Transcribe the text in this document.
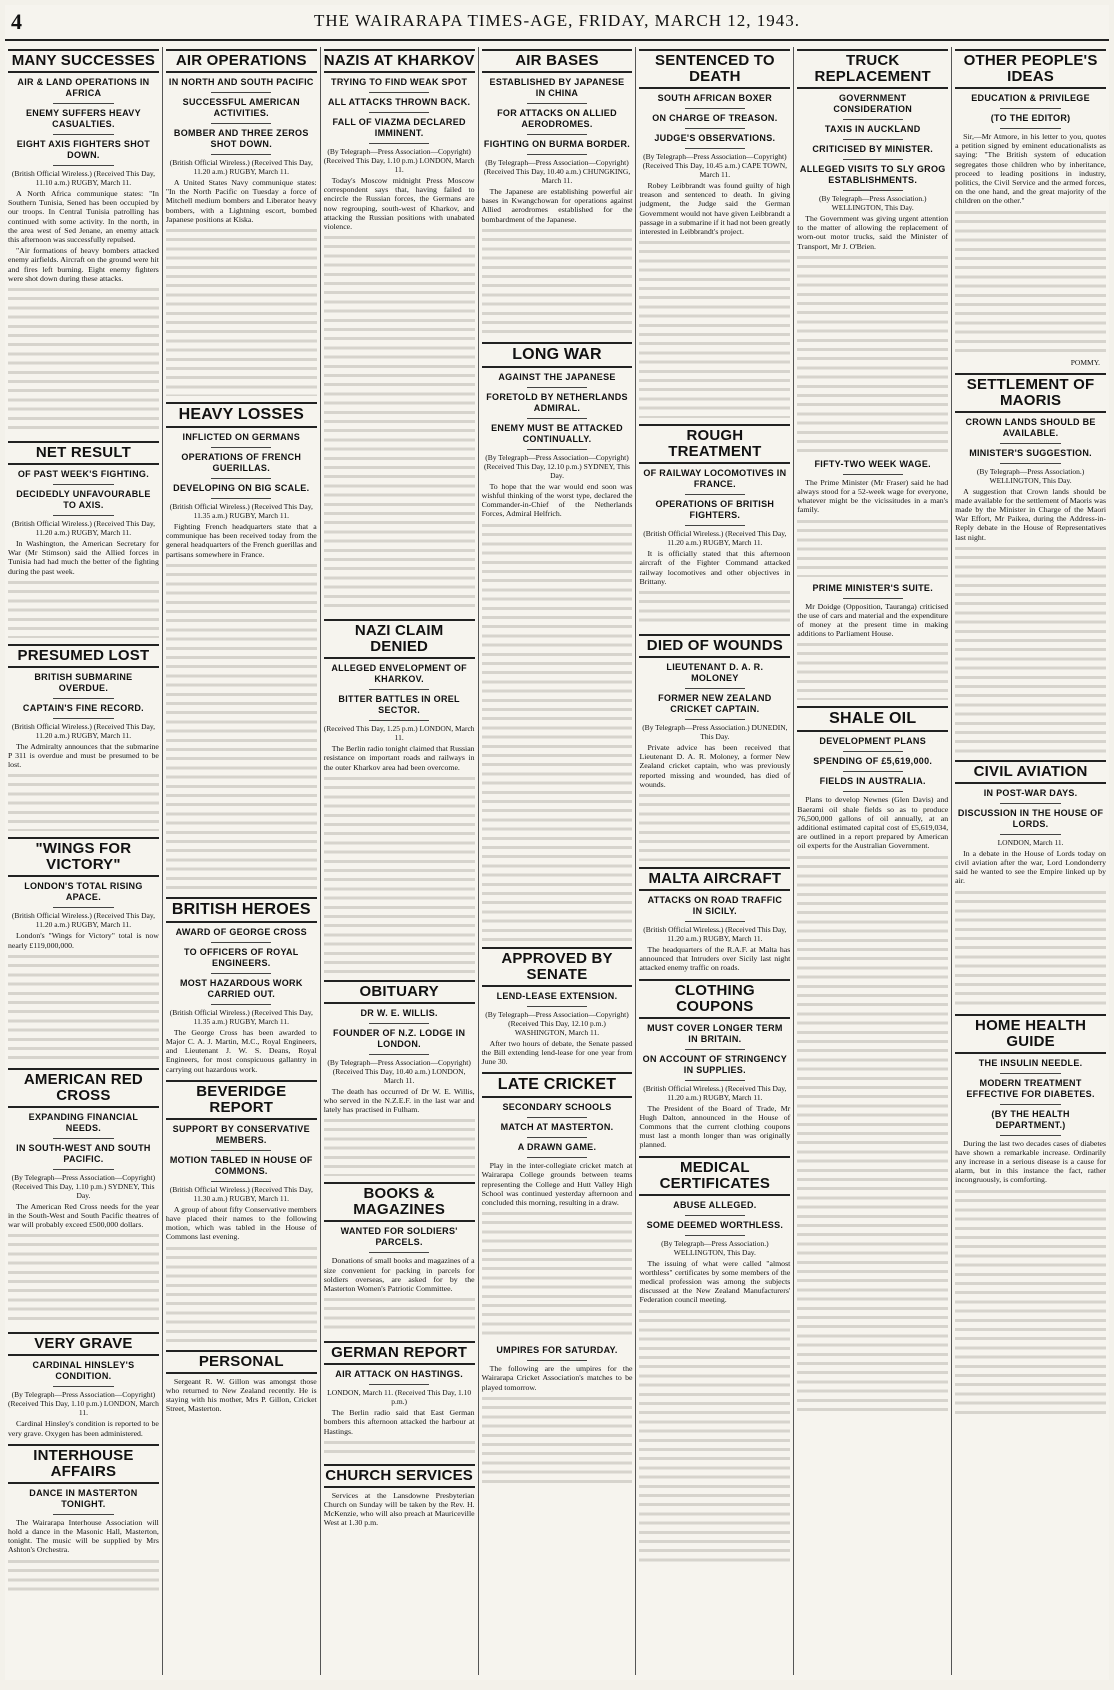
4	THE WAIRARAPA TIMES-AGE, FRIDAY, MARCH 12, 1943.
MANY SUCCESSES
AIR & LAND OPERATIONS IN AFRICA
ENEMY SUFFERS HEAVY CASUALTIES.
EIGHT AXIS FIGHTERS SHOT DOWN.
(British Official Wireless.) (Received This Day, 11.10 a.m.) RUGBY, March 11.

A North Africa communique states: "In Southern Tunisia, Sened has been occupied by our troops. In Central Tunisia patrolling has continued with some activity. In the north, in the area west of Sed Jenane, an enemy attack this afternoon was successfully repulsed.

"Air formations of heavy bombers attacked enemy airfields. Aircraft on the ground were hit and fires left burning. Eight enemy fighters were shot down during these attacks.

NET RESULT
OF PAST WEEK'S FIGHTING.
DECIDEDLY UNFAVOURABLE TO AXIS.
(British Official Wireless.) (Received This Day, 11.20 a.m.) RUGBY, March 11.

In Washington, the American Secretary for War (Mr Stimson) said the Allied forces in Tunisia had had much the better of the fighting during the past week.

PRESUMED LOST
BRITISH SUBMARINE OVERDUE.
CAPTAIN'S FINE RECORD.
(British Official Wireless.) (Received This Day, 11.20 a.m.) RUGBY, March 11.

The Admiralty announces that the submarine P 311 is overdue and must be presumed to be lost.

"WINGS FOR VICTORY"
LONDON'S TOTAL RISING APACE.
(British Official Wireless.) (Received This Day, 11.20 a.m.) RUGBY, March 11.

London's "Wings for Victory" total is now nearly £119,000,000.

AMERICAN RED CROSS
EXPANDING FINANCIAL NEEDS.
IN SOUTH-WEST AND SOUTH PACIFIC.
(By Telegraph—Press Association—Copyright) (Received This Day, 1.10 p.m.) SYDNEY, This Day.

The American Red Cross needs for the year in the South-West and South Pacific theatres of war will probably exceed £500,000 dollars.

VERY GRAVE
CARDINAL HINSLEY'S CONDITION.
(By Telegraph—Press Association—Copyright) (Received This Day, 1.10 p.m.) LONDON, March 11.

Cardinal Hinsley's condition is reported to be very grave. Oxygen has been administered.

INTERHOUSE AFFAIRS
DANCE IN MASTERTON TONIGHT.

The Wairarapa Interhouse Association will hold a dance in the Masonic Hall, Masterton, tonight. The music will be supplied by Mrs Ashton's Orchestra.

AIR OPERATIONS
IN NORTH AND SOUTH PACIFIC
SUCCESSFUL AMERICAN ACTIVITIES.
BOMBER AND THREE ZEROS SHOT DOWN.
(British Official Wireless.) (Received This Day, 11.20 a.m.) RUGBY, March 11.

A United States Navy communique states: "In the North Pacific on Tuesday a force of Mitchell medium bombers and Liberator heavy bombers, with a Lightning escort, bombed Japanese positions at Kiska.

HEAVY LOSSES
INFLICTED ON GERMANS
OPERATIONS OF FRENCH GUERILLAS.
DEVELOPING ON BIG SCALE.
(British Official Wireless.) (Received This Day, 11.35 a.m.) RUGBY, March 11.

Fighting French headquarters state that a communique has been received today from the general headquarters of the French guerillas and partisans somewhere in France.

BRITISH HEROES
AWARD OF GEORGE CROSS
TO OFFICERS OF ROYAL ENGINEERS.
MOST HAZARDOUS WORK CARRIED OUT.
(British Official Wireless.) (Received This Day, 11.35 a.m.) RUGBY, March 11.

The George Cross has been awarded to Major C. A. J. Martin, M.C., Royal Engineers, and Lieutenant J. W. S. Deans, Royal Engineers, for most conspicuous gallantry in carrying out hazardous work.

BEVERIDGE REPORT
SUPPORT BY CONSERVATIVE MEMBERS.
MOTION TABLED IN HOUSE OF COMMONS.
(British Official Wireless.) (Received This Day, 11.30 a.m.) RUGBY, March 11.

A group of about fifty Conservative members have placed their names to the following motion, which was tabled in the House of Commons last evening.

PERSONAL

Sergeant R. W. Gillon was amongst those who returned to New Zealand recently. He is staying with his mother, Mrs P. Gillon, Cricket Street, Masterton.

NAZIS AT KHARKOV
TRYING TO FIND WEAK SPOT
ALL ATTACKS THROWN BACK.
FALL OF VIAZMA DECLARED IMMINENT.
(By Telegraph—Press Association—Copyright) (Received This Day, 1.10 p.m.) LONDON, March 11.

Today's Moscow midnight Press Moscow correspondent says that, having failed to encircle the Russian forces, the Germans are now regrouping, south-west of Kharkov, and attacking the Russian positions with unabated violence.

NAZI CLAIM DENIED
ALLEGED ENVELOPMENT OF KHARKOV.
BITTER BATTLES IN OREL SECTOR.
(Received This Day, 1.25 p.m.) LONDON, March 11.

The Berlin radio tonight claimed that Russian resistance on important roads and railways in the outer Kharkov area had been overcome.

OBITUARY
DR W. E. WILLIS.
FOUNDER OF N.Z. LODGE IN LONDON.
(By Telegraph—Press Association—Copyright) (Received This Day, 10.40 a.m.) LONDON, March 11.

The death has occurred of Dr W. E. Willis, who served in the N.Z.E.F. in the last war and lately has practised in Fulham.

BOOKS & MAGAZINES
WANTED FOR SOLDIERS' PARCELS.

Donations of small books and magazines of a size convenient for packing in parcels for soldiers overseas, are asked for by the Masterton Women's Patriotic Committee.

GERMAN REPORT
AIR ATTACK ON HASTINGS.
LONDON, March 11. (Received This Day, 1.10 p.m.)

The Berlin radio said that East German bombers this afternoon attacked the harbour at Hastings.

CHURCH SERVICES

Services at the Lansdowne Presbyterian Church on Sunday will be taken by the Rev. H. McKenzie, who will also preach at Mauriceville West at 1.30 p.m.

AIR BASES
ESTABLISHED BY JAPANESE IN CHINA
FOR ATTACKS ON ALLIED AERODROMES.
FIGHTING ON BURMA BORDER.
(By Telegraph—Press Association—Copyright) (Received This Day, 10.40 a.m.) CHUNGKING, March 11.

The Japanese are establishing powerful air bases in Kwangchowan for operations against Allied aerodromes established for the bombardment of the Japanese.

LONG WAR
AGAINST THE JAPANESE
FORETOLD BY NETHERLANDS ADMIRAL.
ENEMY MUST BE ATTACKED CONTINUALLY.
(By Telegraph—Press Association—Copyright) (Received This Day, 12.10 p.m.) SYDNEY, This Day.

To hope that the war would end soon was wishful thinking of the worst type, declared the Commander-in-Chief of the Netherlands Forces, Admiral Helfrich.

APPROVED BY SENATE
LEND-LEASE EXTENSION.
(By Telegraph—Press Association—Copyright) (Received This Day, 12.10 p.m.) WASHINGTON, March 11.

After two hours of debate, the Senate passed the Bill extending lend-lease for one year from June 30.

LATE CRICKET
SECONDARY SCHOOLS
MATCH AT MASTERTON.
A DRAWN GAME.

Play in the inter-collegiate cricket match at Wairarapa College grounds between teams representing the College and Hutt Valley High School was continued yesterday afternoon and concluded this morning, resulting in a draw.

UMPIRES FOR SATURDAY.

The following are the umpires for the Wairarapa Cricket Association's matches to be played tomorrow.

SENTENCED TO DEATH
SOUTH AFRICAN BOXER
ON CHARGE OF TREASON.
JUDGE'S OBSERVATIONS.
(By Telegraph—Press Association—Copyright) (Received This Day, 10.45 a.m.) CAPE TOWN, March 11.

Robey Leibbrandt was found guilty of high treason and sentenced to death. In giving judgment, the Judge said the German Government would not have given Leibbrandt a passage in a submarine if it had not been greatly interested in Leibbrandt's project.

ROUGH TREATMENT
OF RAILWAY LOCOMOTIVES IN FRANCE.
OPERATIONS OF BRITISH FIGHTERS.
(British Official Wireless.) (Received This Day, 11.20 a.m.) RUGBY, March 11.

It is officially stated that this afternoon aircraft of the Fighter Command attacked railway locomotives and other objectives in Brittany.

DIED OF WOUNDS
LIEUTENANT D. A. R. MOLONEY
FORMER NEW ZEALAND CRICKET CAPTAIN.
(By Telegraph—Press Association.) DUNEDIN, This Day.

Private advice has been received that Lieutenant D. A. R. Moloney, a former New Zealand cricket captain, who was previously reported missing and wounded, has died of wounds.

MALTA AIRCRAFT
ATTACKS ON ROAD TRAFFIC IN SICILY.
(British Official Wireless.) (Received This Day, 11.20 a.m.) RUGBY, March 11.

The headquarters of the R.A.F. at Malta has announced that Intruders over Sicily last night attacked enemy traffic on roads.

CLOTHING COUPONS
MUST COVER LONGER TERM IN BRITAIN.
ON ACCOUNT OF STRINGENCY IN SUPPLIES.
(British Official Wireless.) (Received This Day, 11.20 a.m.) RUGBY, March 11.

The President of the Board of Trade, Mr Hugh Dalton, announced in the House of Commons that the current clothing coupons must last a month longer than was originally planned.

MEDICAL CERTIFICATES
ABUSE ALLEGED.
SOME DEEMED WORTHLESS.
(By Telegraph—Press Association.) WELLINGTON, This Day.

The issuing of what were called "almost worthless" certificates by some members of the medical profession was among the subjects discussed at the New Zealand Manufacturers' Federation council meeting.

TRUCK REPLACEMENT
GOVERNMENT CONSIDERATION
TAXIS IN AUCKLAND
CRITICISED BY MINISTER.
ALLEGED VISITS TO SLY GROG ESTABLISHMENTS.
(By Telegraph—Press Association.) WELLINGTON, This Day.

The Government was giving urgent attention to the matter of allowing the replacement of worn-out motor trucks, said the Minister of Transport, Mr J. O'Brien.

FIFTY-TWO WEEK WAGE.

The Prime Minister (Mr Fraser) said he had always stood for a 52-week wage for everyone, whatever might be the vicissitudes in a man's family.

PRIME MINISTER'S SUITE.

Mr Doidge (Opposition, Tauranga) criticised the use of cars and material and the expenditure of money at the present time in making additions to Parliament House.

SHALE OIL
DEVELOPMENT PLANS
SPENDING OF £5,619,000.
FIELDS IN AUSTRALIA.

Plans to develop Newnes (Glen Davis) and Baerami oil shale fields so as to produce 76,500,000 gallons of oil annually, at an additional estimated capital cost of £5,619,034, are outlined in a report prepared by American oil experts for the Australian Government.

OTHER PEOPLE'S IDEAS
EDUCATION & PRIVILEGE
(TO THE EDITOR)

Sir,—Mr Atmore, in his letter to you, quotes a petition signed by eminent educationalists as saying: "The British system of education segregates those children who by inheritance, proceed to leading positions in industry, politics, the Civil Service and the armed forces, on the one hand, and the great majority of the children on the other."

POMMY.
SETTLEMENT OF MAORIS
CROWN LANDS SHOULD BE AVAILABLE.
MINISTER'S SUGGESTION.
(By Telegraph—Press Association.) WELLINGTON, This Day.

A suggestion that Crown lands should be made available for the settlement of Maoris was made by the Minister in Charge of the Maori War Effort, Mr Paikea, during the Address-in-Reply debate in the House of Representatives last night.

CIVIL AVIATION
IN POST-WAR DAYS.
DISCUSSION IN THE HOUSE OF LORDS.
LONDON, March 11.

In a debate in the House of Lords today on civil aviation after the war, Lord Londonderry said he wanted to see the Empire linked up by air.

HOME HEALTH GUIDE
THE INSULIN NEEDLE.
MODERN TREATMENT EFFECTIVE FOR DIABETES.
(BY THE HEALTH DEPARTMENT.)

During the last two decades cases of diabetes have shown a remarkable increase. Ordinarily any increase in a serious disease is a cause for alarm, but in this instance the fact, rather incongruously, is comforting.
